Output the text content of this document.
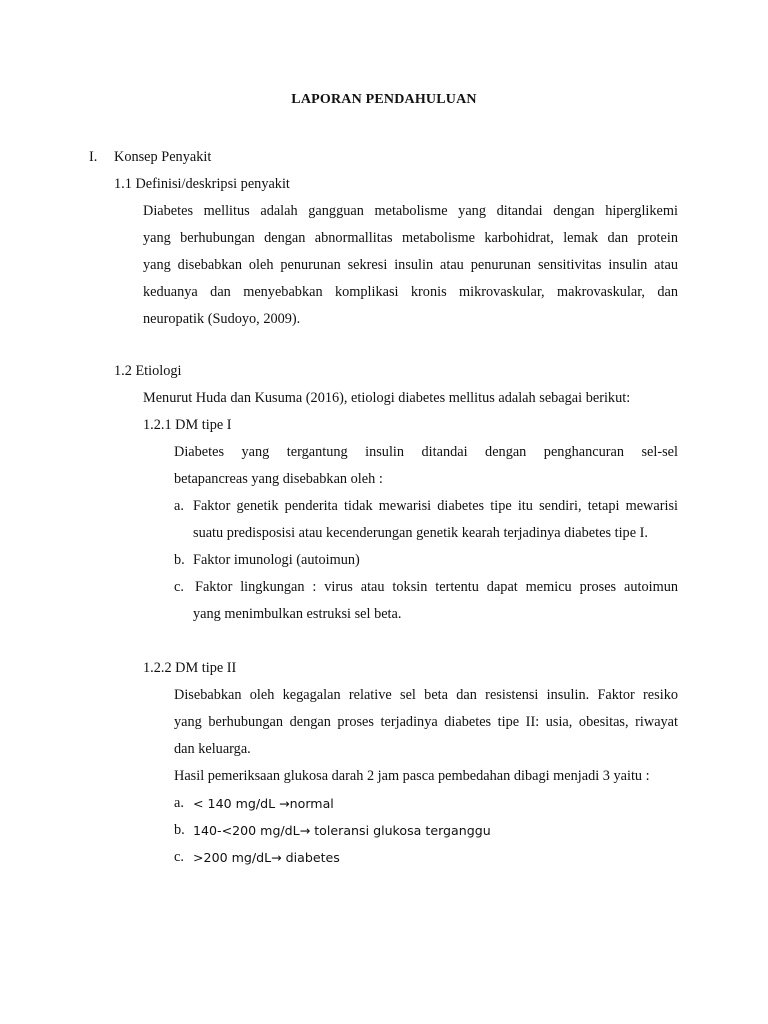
LAPORAN PENDAHULUAN
I. Konsep Penyakit
1.1 Definisi/deskripsi penyakit
Diabetes mellitus adalah gangguan metabolisme yang ditandai dengan hiperglikemi
yang berhubungan dengan abnormallitas metabolisme karbohidrat, lemak dan protein
yang disebabkan oleh penurunan sekresi insulin atau penurunan sensitivitas insulin atau
keduanya dan menyebabkan komplikasi kronis mikrovaskular, makrovaskular, dan
neuropatik (Sudoyo, 2009).
1.2 Etiologi
Menurut Huda dan Kusuma (2016), etiologi diabetes mellitus adalah sebagai berikut:
1.2.1 DM tipe I
Diabetes yang tergantung insulin ditandai dengan penghancuran sel-sel
betapancreas yang disebabkan oleh :
a. Faktor genetik penderita tidak mewarisi diabetes tipe itu sendiri, tetapi mewarisi
suatu predisposisi atau kecenderungan genetik kearah terjadinya diabetes tipe I.
b. Faktor imunologi (autoimun)
c. Faktor lingkungan : virus atau toksin tertentu dapat memicu proses autoimun
yang menimbulkan estruksi sel beta.
1.2.2 DM tipe II
Disebabkan oleh kegagalan relative sel beta dan resistensi insulin. Faktor resiko
yang berhubungan dengan proses terjadinya diabetes tipe II: usia, obesitas, riwayat
dan keluarga.
Hasil pemeriksaan glukosa darah 2 jam pasca pembedahan dibagi menjadi 3 yaitu :
a. < 140 mg/dL →normal
b. 140-<200 mg/dL→ toleransi glukosa terganggu
c. >200 mg/dL→ diabetes
